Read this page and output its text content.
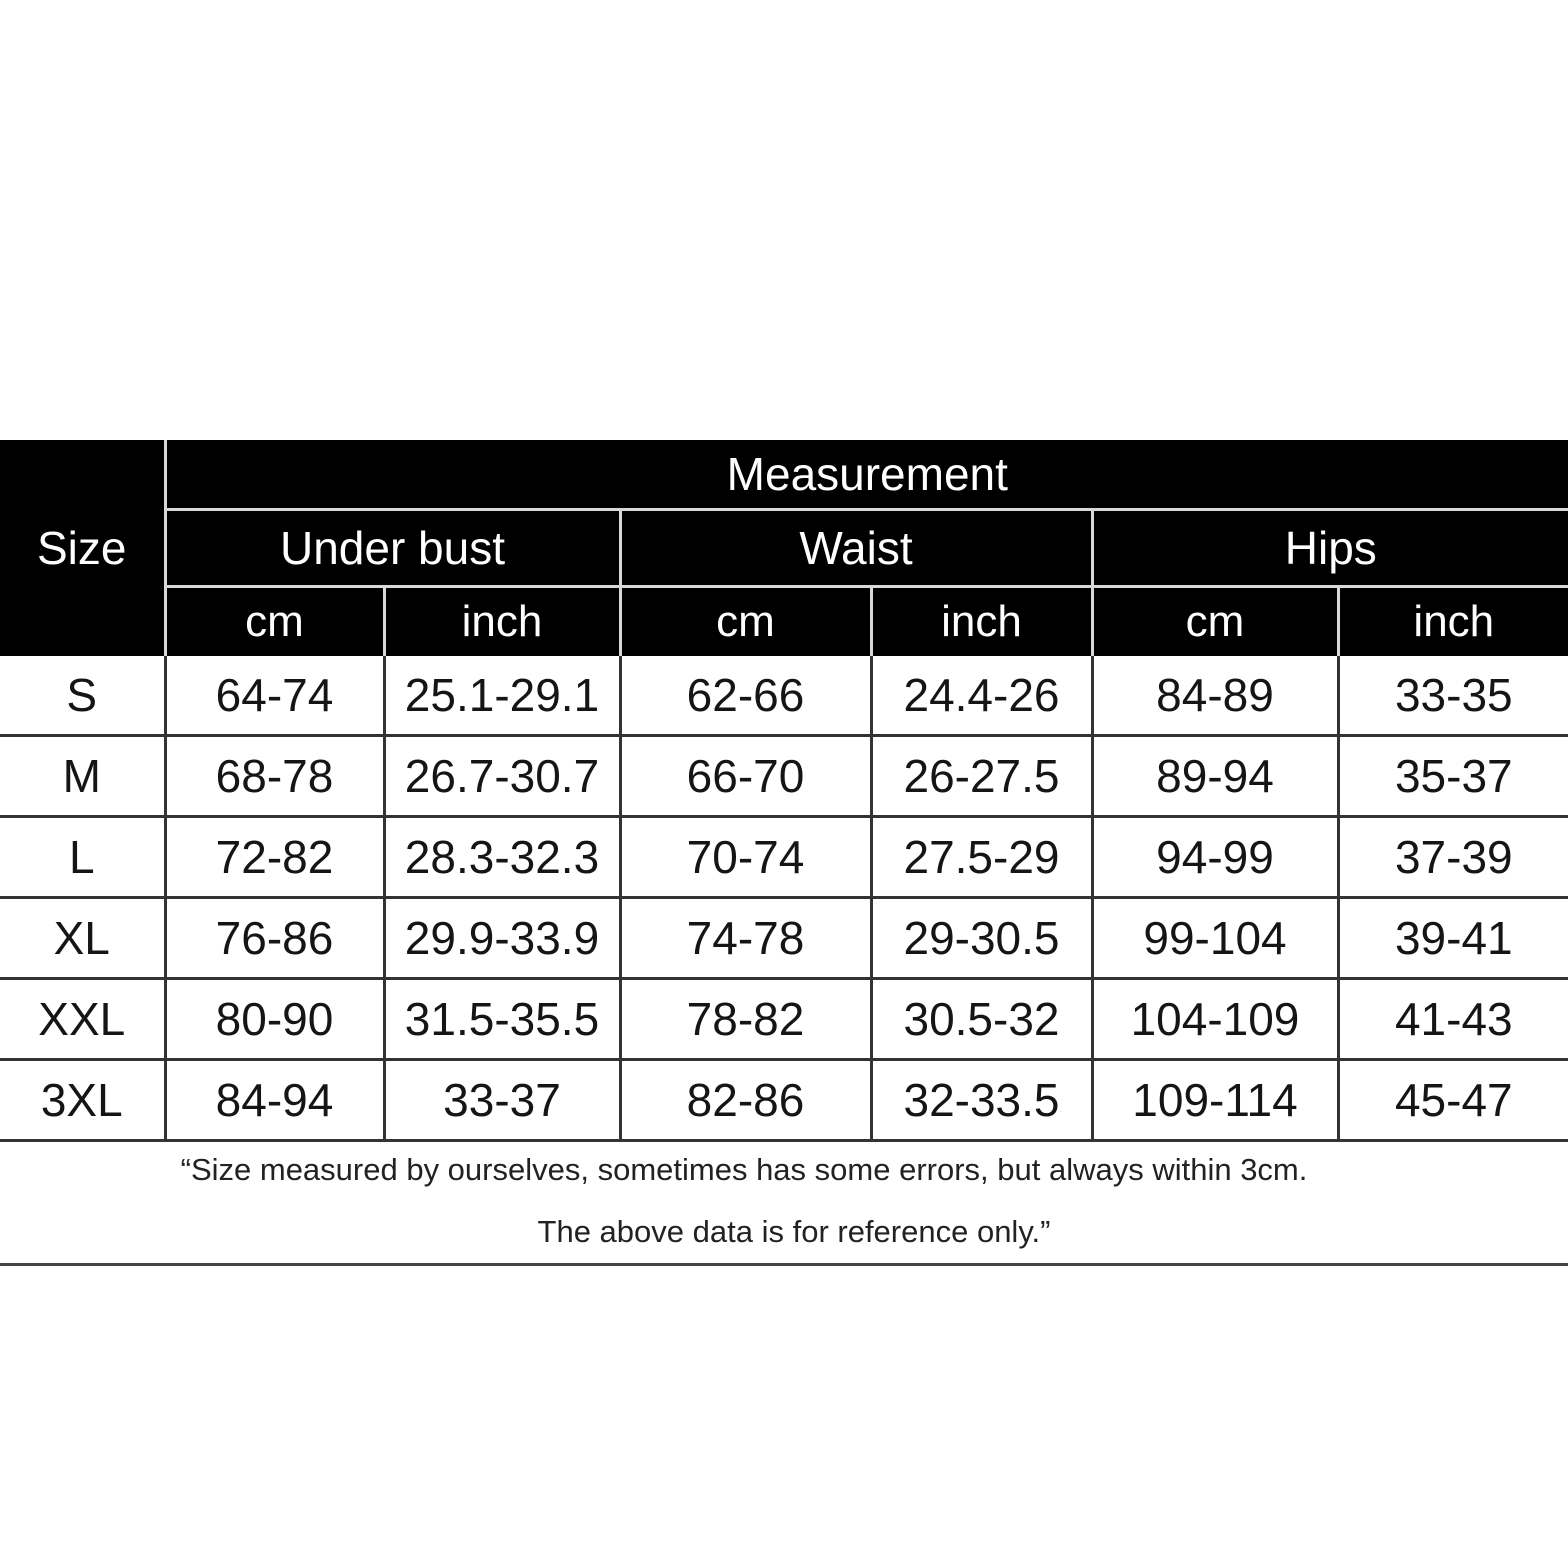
Size	Measurement					
	Under bust		Waist		Hips	
	cm	inch	cm	inch	cm	inch
S	64-74	25.1-29.1	62-66	24.4-26	84-89	33-35
M	68-78	26.7-30.7	66-70	26-27.5	89-94	35-37
L	72-82	28.3-32.3	70-74	27.5-29	94-99	37-39
XL	76-86	29.9-33.9	74-78	29-30.5	99-104	39-41
XXL	80-90	31.5-35.5	78-82	30.5-32	104-109	41-43
3XL	84-94	33-37	82-86	32-33.5	109-114	45-47
“Size measured by ourselves, sometimes has some errors, but always within 3cm.
The above data is for reference only.”
